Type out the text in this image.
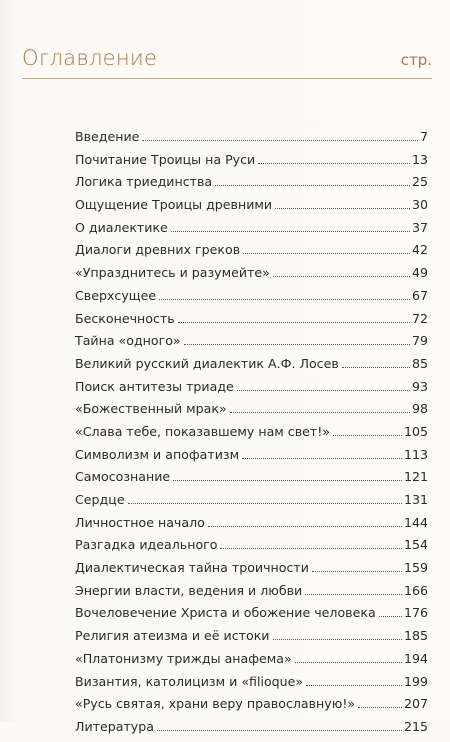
Оглавление	стр.
Введение	7
Почитание Троицы на Руси	13
Логика триединства	25
Ощущение Троицы древними	30
О диалектике	37
Диалоги древних греков	42
«Упразднитесь и разумейте»	49
Сверхсущее	67
Бесконечность	72
Тайна «одного»	79
Великий русский диалектик А.Ф. Лосев	85
Поиск антитезы триаде	93
«Божественный мрак»	98
«Слава тебе, показавшему нам свет!»	105
Символизм и апофатизм	113
Самосознание	121
Сердце	131
Личностное начало	144
Разгадка идеального	154
Диалектическая тайна троичности	159
Энергии власти, ведения и любви	166
Вочеловечение Христа и обожение человека 176
Религия атеизма и её истоки	185
«Платонизму трижды анафема»	194
Византия, католицизм и «filioque»	199
«Русь святая, храни веру православную!»	207
Литература	215
